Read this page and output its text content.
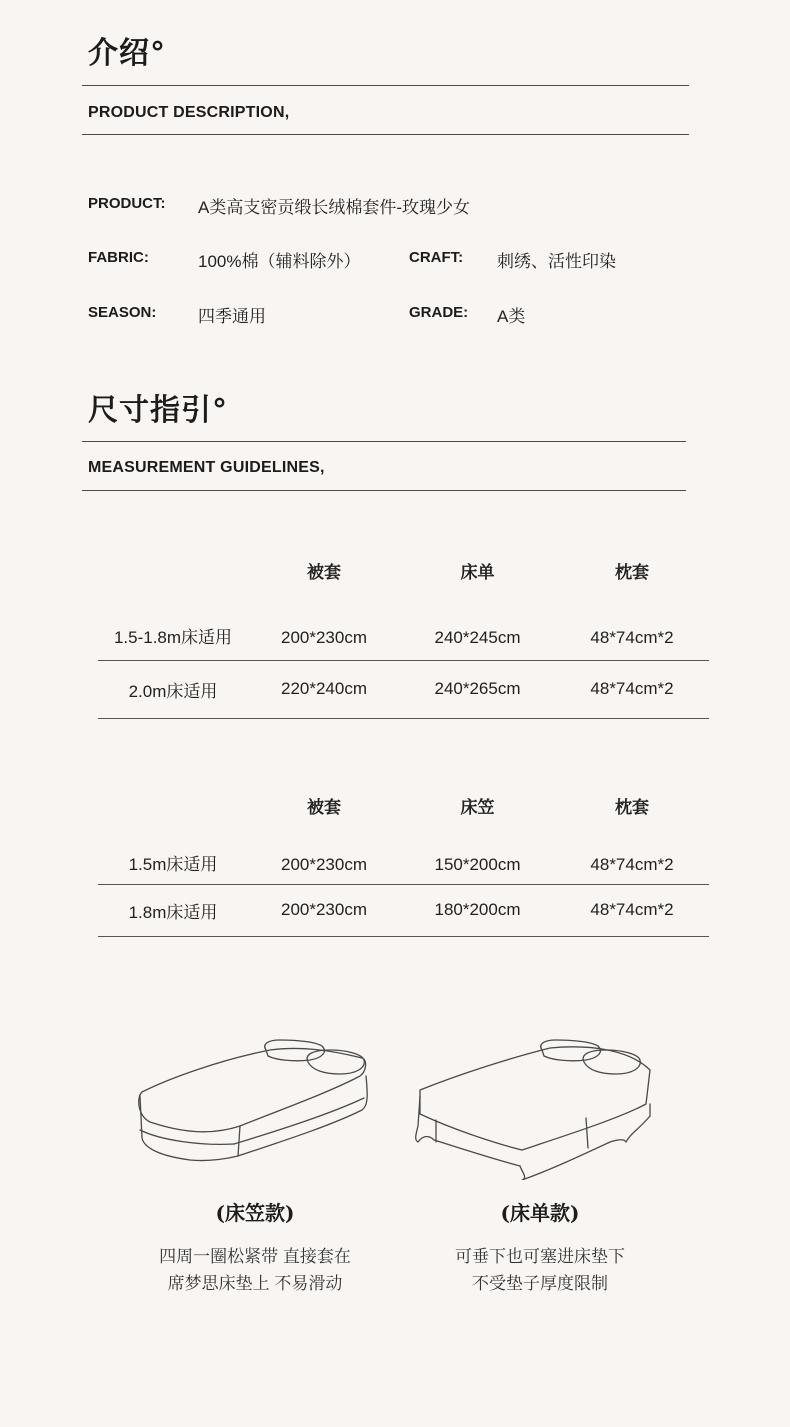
介绍°
PRODUCT DESCRIPTION,
PRODUCT: A类高支密贡缎长绒棉套件-玫瑰少女
FABRIC:	100%棉（辅料除外）	CRAFT: 刺绣、活性印染
SEASON: 四季通用	GRADE: A类
尺寸指引°
MEASUREMENT GUIDELINES,
	被套	床单	枕套
1.5-1.8m床适用	200*230cm	240*245cm	48*74cm*2
2.0m床适用	220*240cm	240*265cm	48*74cm*2
	被套	床笠	枕套
1.5m床适用	200*230cm	150*200cm	48*74cm*2
1.8m床适用	200*230cm	180*200cm	48*74cm*2
(床笠款)
四周一圈松紧带 直接套在
席梦思床垫上 不易滑动
(床单款)
可垂下也可塞进床垫下
不受垫子厚度限制
